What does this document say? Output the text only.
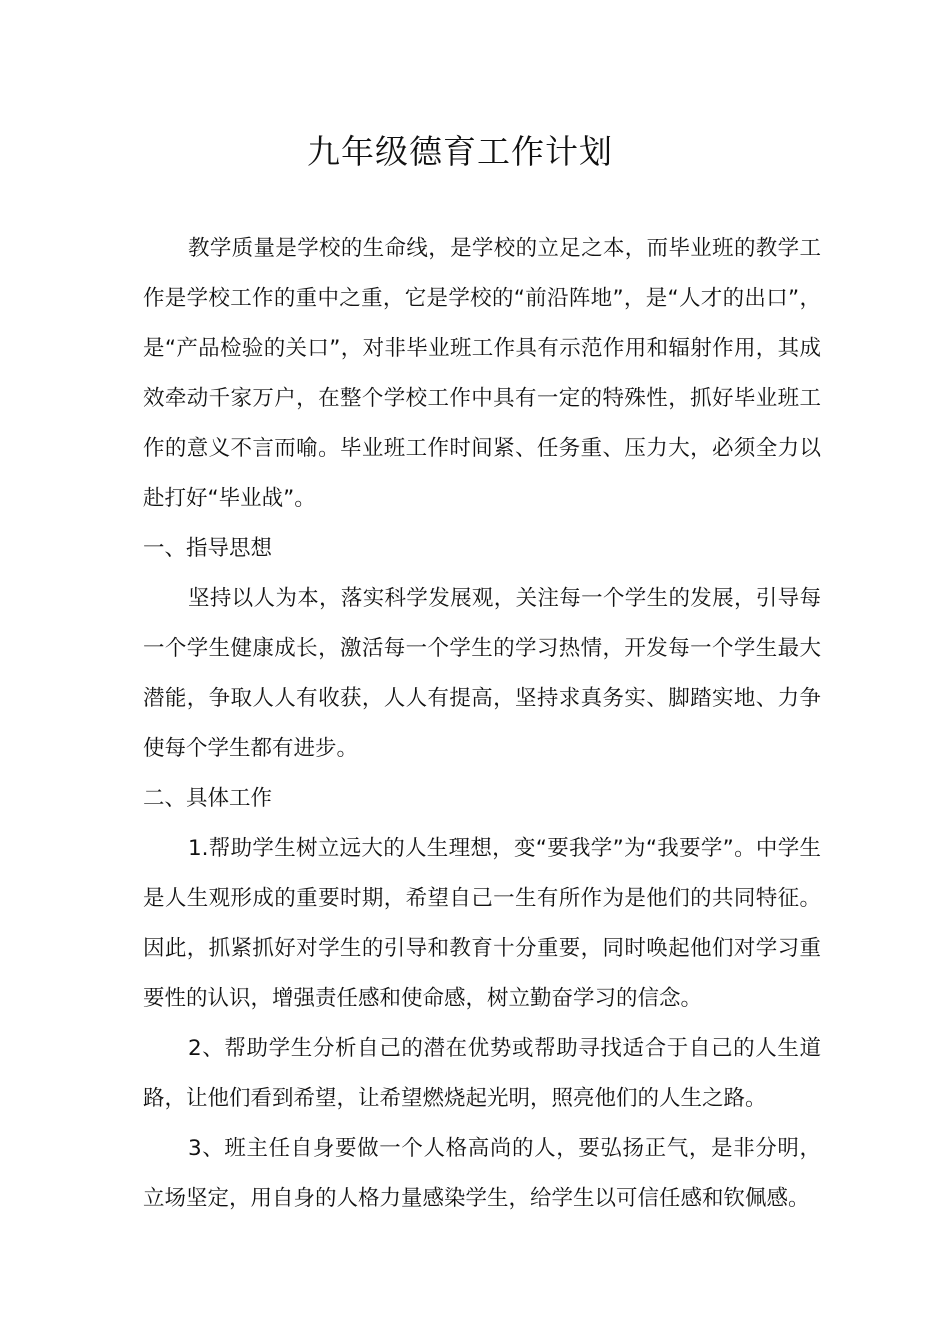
九年级德育工作计划

教学质量是学校的生命线，是学校的立足之本，而毕业班的教学工作是学校工作的重中之重，它是学校的“前沿阵地”，是“人才的出口”，是“产品检验的关口”，对非毕业班工作具有示范作用和辐射作用，其成效牵动千家万户，在整个学校工作中具有一定的特殊性，抓好毕业班工作的意义不言而喻。毕业班工作时间紧、任务重、压力大，必须全力以赴打好“毕业战”。

一、指导思想

坚持以人为本，落实科学发展观，关注每一个学生的发展，引导每一个学生健康成长，激活每一个学生的学习热情，开发每一个学生最大潜能，争取人人有收获，人人有提高，坚持求真务实、脚踏实地、力争使每个学生都有进步。

二、具体工作

1.帮助学生树立远大的人生理想，变“要我学”为“我要学”。中学生是人生观形成的重要时期，希望自己一生有所作为是他们的共同特征。因此，抓紧抓好对学生的引导和教育十分重要，同时唤起他们对学习重要性的认识，增强责任感和使命感，树立勤奋学习的信念。

2、帮助学生分析自己的潜在优势或帮助寻找适合于自己的人生道路，让他们看到希望，让希望燃烧起光明，照亮他们的人生之路。

3、班主任自身要做一个人格高尚的人，要弘扬正气，是非分明，立场坚定，用自身的人格力量感染学生，给学生以可信任感和钦佩感。
